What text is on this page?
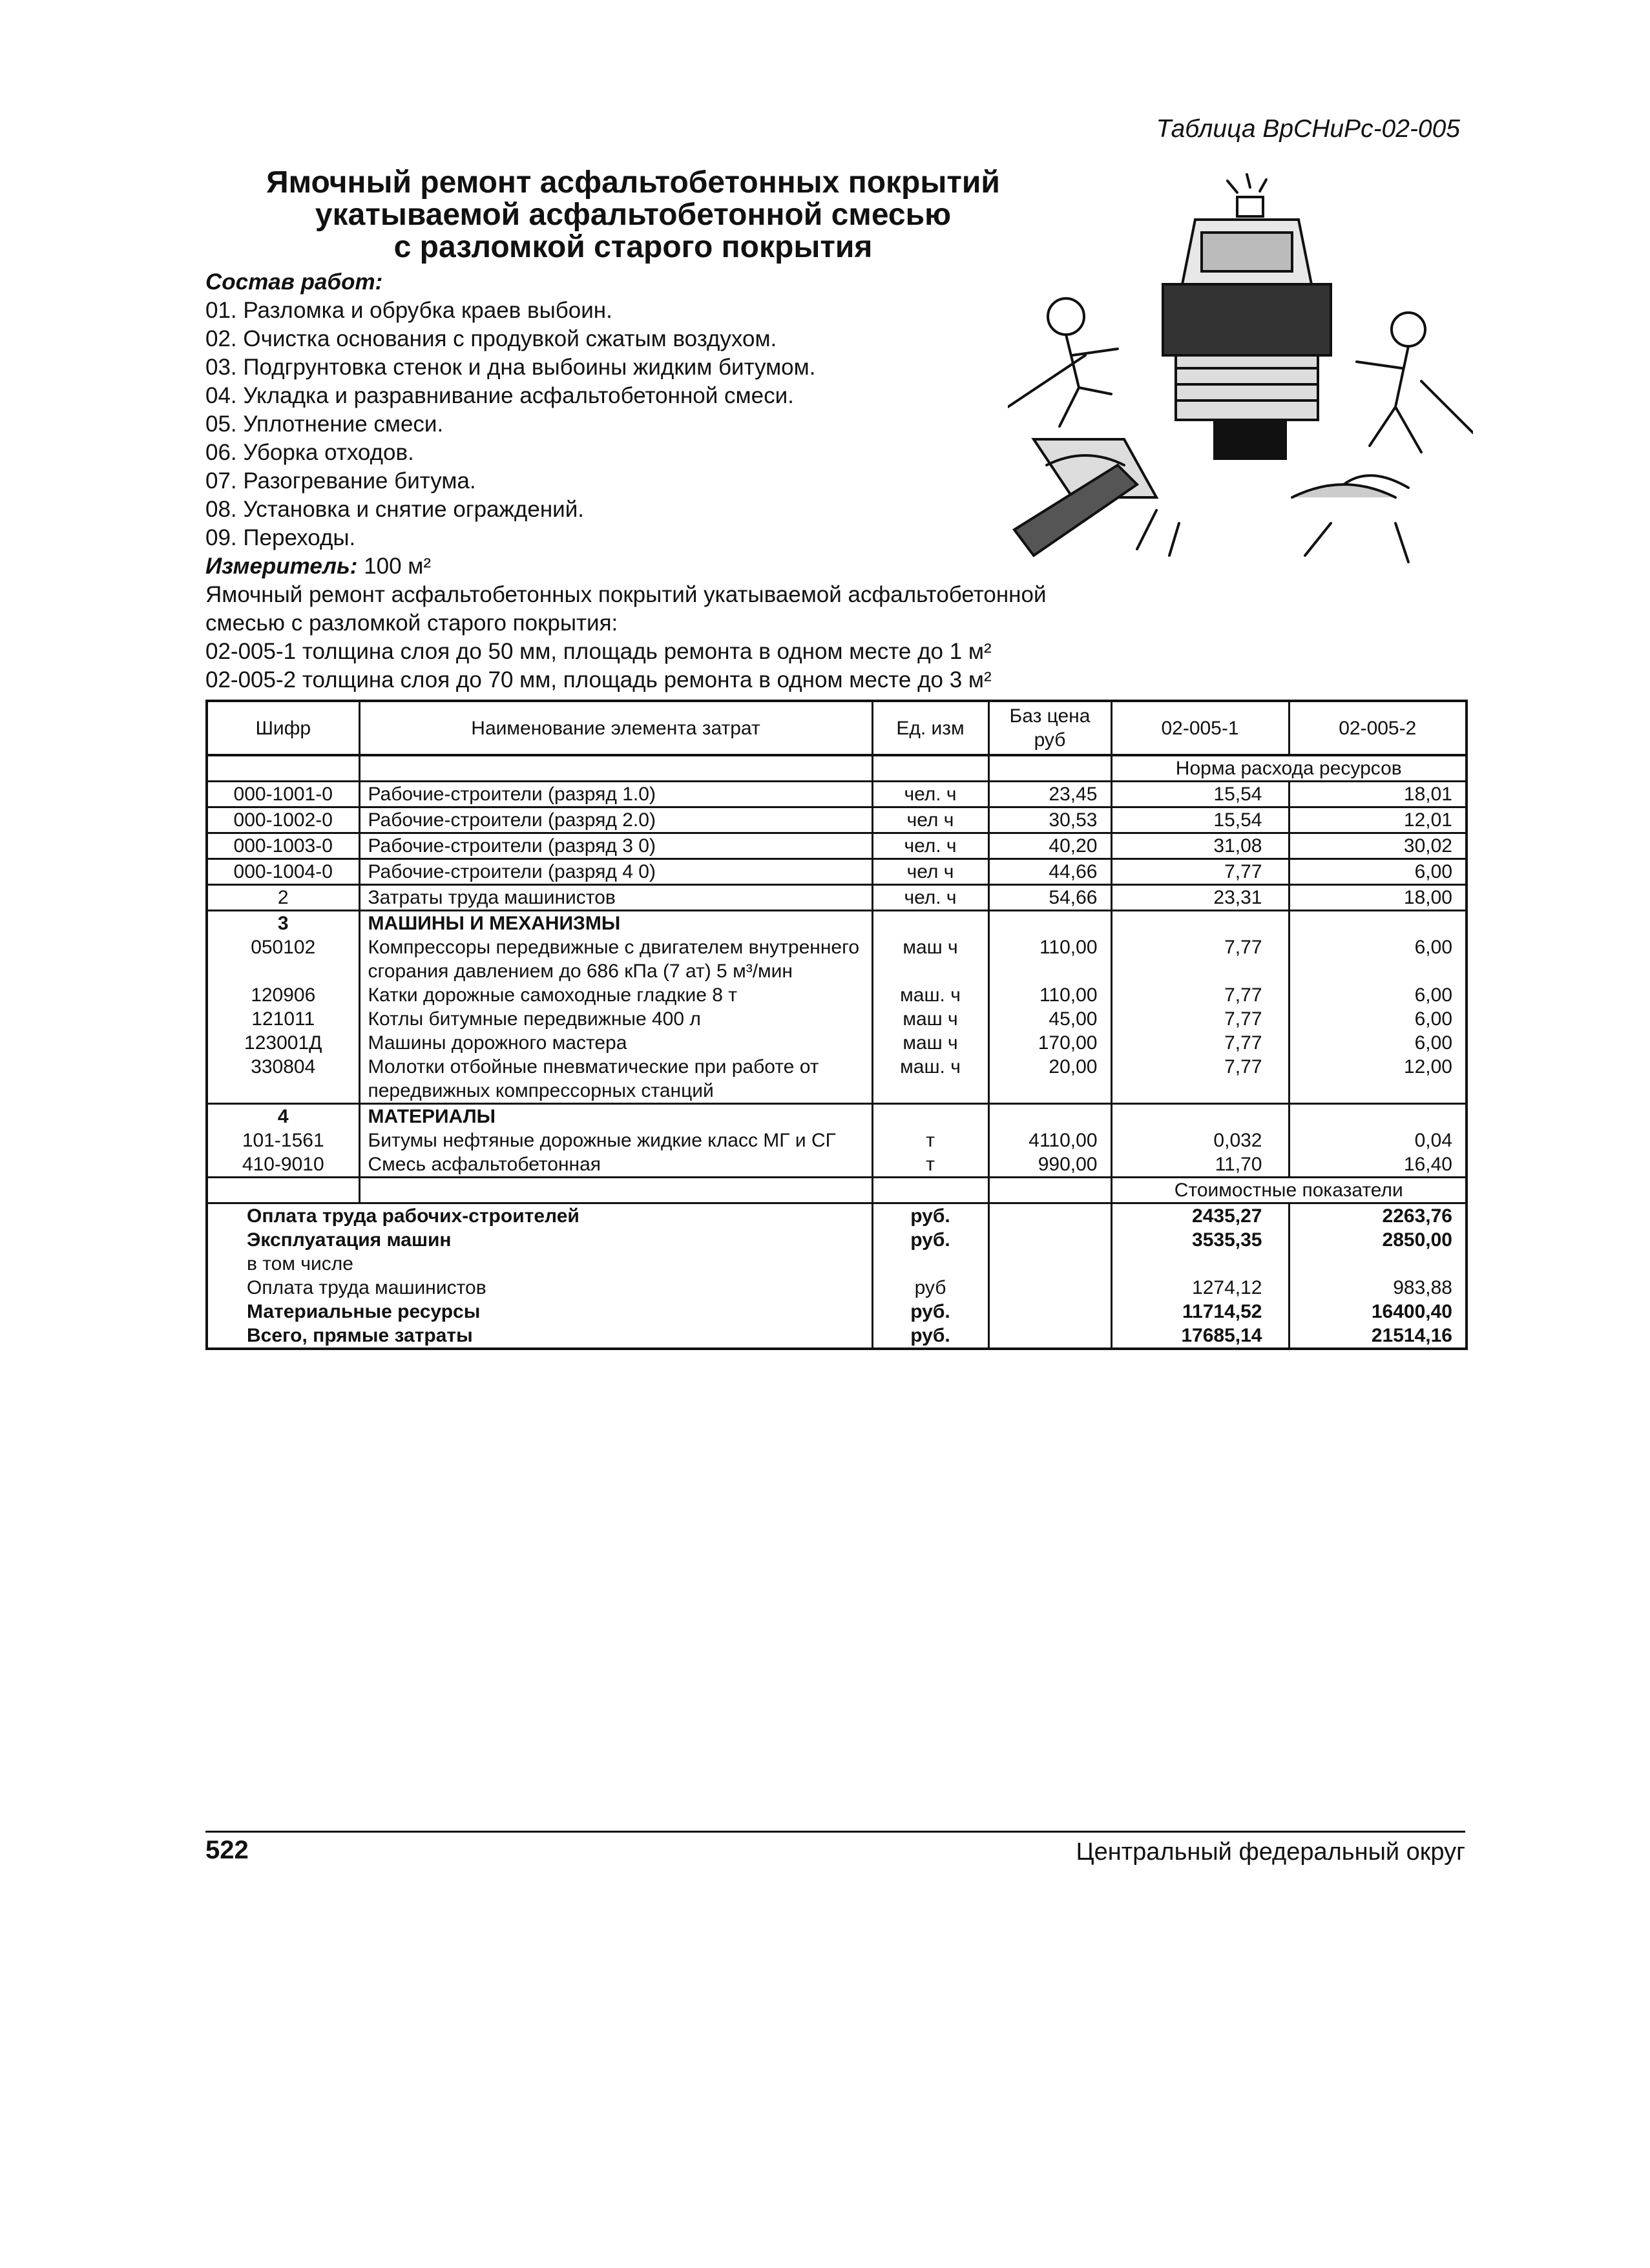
Таблица ВрСНиРс-02-005
Ямочный ремонт асфальтобетонных покрытий
укатываемой асфальтобетонной смесью
с разломкой старого покрытия
Состав работ:
01. Разломка и обрубка краев выбоин.
02. Очистка основания с продувкой сжатым воздухом.
03. Подгрунтовка стенок и дна выбоины жидким битумом.
04. Укладка и разравнивание асфальтобетонной смеси.
05. Уплотнение смеси.
06. Уборка отходов.
07. Разогревание битума.
08. Установка и снятие ограждений.
09. Переходы.
Измеритель: 100 м²
Ямочный ремонт асфальтобетонных покрытий укатываемой асфальтобетонной
смесью с разломкой старого покрытия:
02-005-1 толщина слоя до 50 мм, площадь ремонта в одном месте до 1 м²
02-005-2 толщина слоя до 70 мм, площадь ремонта в одном месте до 3 м²
Шифр	Наименование элемента затрат	Ед. изм	Баз цена руб	02-005-1	02-005-2
				Норма расхода ресурсов	
000-1001-0	Рабочие-строители (разряд 1.0)	чел. ч	23,45	15,54	18,01
000-1002-0	Рабочие-строители (разряд 2.0)	чел ч	30,53	15,54	12,01
000-1003-0	Рабочие-строители (разряд 3 0)	чел. ч	40,20	31,08	30,02
000-1004-0	Рабочие-строители (разряд 4 0)	чел ч	44,66	7,77	6,00
2	Затраты труда машинистов	чел. ч	54,66	23,31	18,00
3	МАШИНЫ И МЕХАНИЗМЫ				
050102	Компрессоры передвижные с двигателем внутреннего сгорания давлением до 686 кПа (7 ат) 5 м³/мин	маш ч	110,00	7,77	6,00
120906	Катки дорожные самоходные гладкие 8 т	маш. ч	110,00	7,77	6,00
121011	Котлы битумные передвижные 400 л	маш ч	45,00	7,77	6,00
123001Д	Машины дорожного мастера	маш ч	170,00	7,77	6,00
330804	Молотки отбойные пневматические при работе от передвижных компрессорных станций	маш. ч	20,00	7,77	12,00
4	МАТЕРИАЛЫ				
101-1561	Битумы нефтяные дорожные жидкие класс МГ и СГ	т	4110,00	0,032	0,04
410-9010	Смесь асфальтобетонная	т	990,00	11,70	16,40
				Стоимостные показатели	
Оплата труда рабочих-строителей		руб.		2435,27	2263,76
Эксплуатация машин		руб.		3535,35	2850,00
в том числе					
Оплата труда машинистов		руб		1274,12	983,88
Материальные ресурсы		руб.		11714,52	16400,40
Всего, прямые затраты		руб.		17685,14	21514,16
522	Центральный федеральный округ
